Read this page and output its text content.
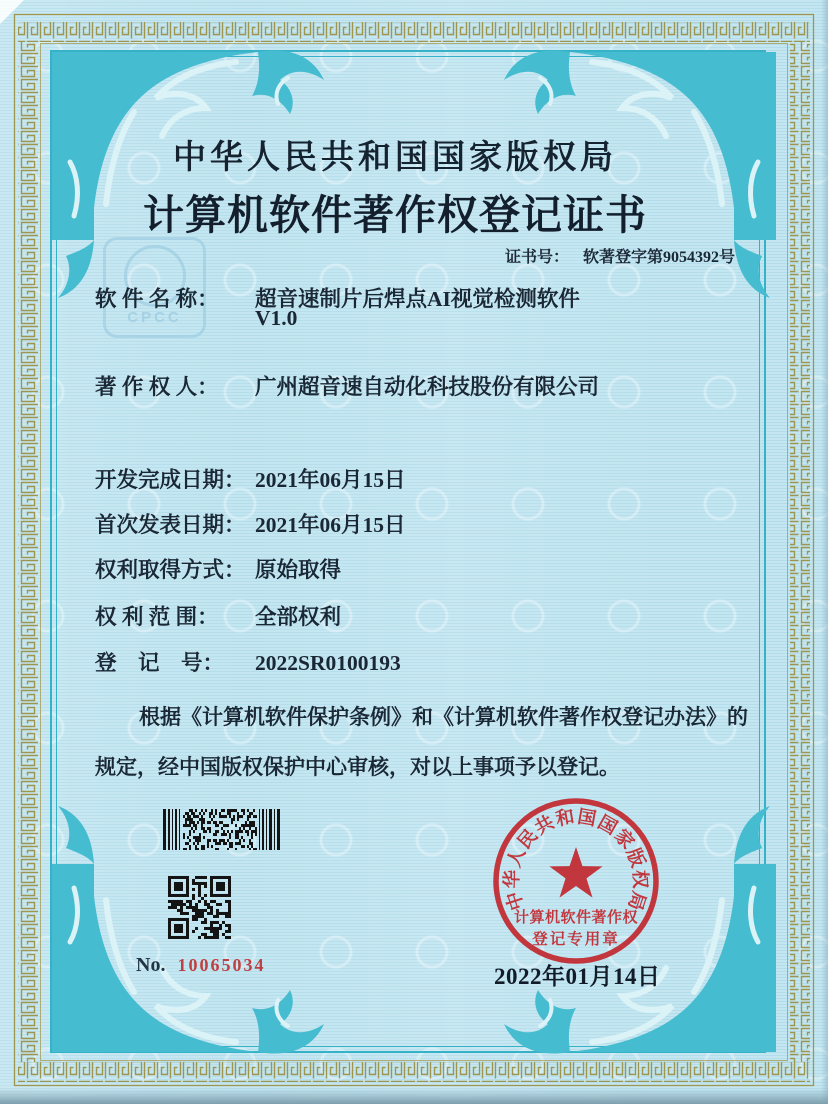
CPCC
中华人民共和国国家版权局
计算机软件著作权登记证书
证书号： 软著登字第9054392号
软 件 名 称： 超音速制片后焊点AI视觉检测软件
V1.0
著 作 权 人： 广州超音速自动化科技股份有限公司
开发完成日期： 2021年06月15日
首次发表日期： 2021年06月15日
权利取得方式： 原始取得
权 利 范 围： 全部权利
登　记　号： 2022SR0100193
根据《计算机软件保护条例》和《计算机软件著作权登记办法》的
规定，经中国版权保护中心审核，对以上事项予以登记。
No. 10065034
中
华
人
民
共
和 国
国
家
版
权
局
计算机软件著作权
登记专用章
2022年01月14日
